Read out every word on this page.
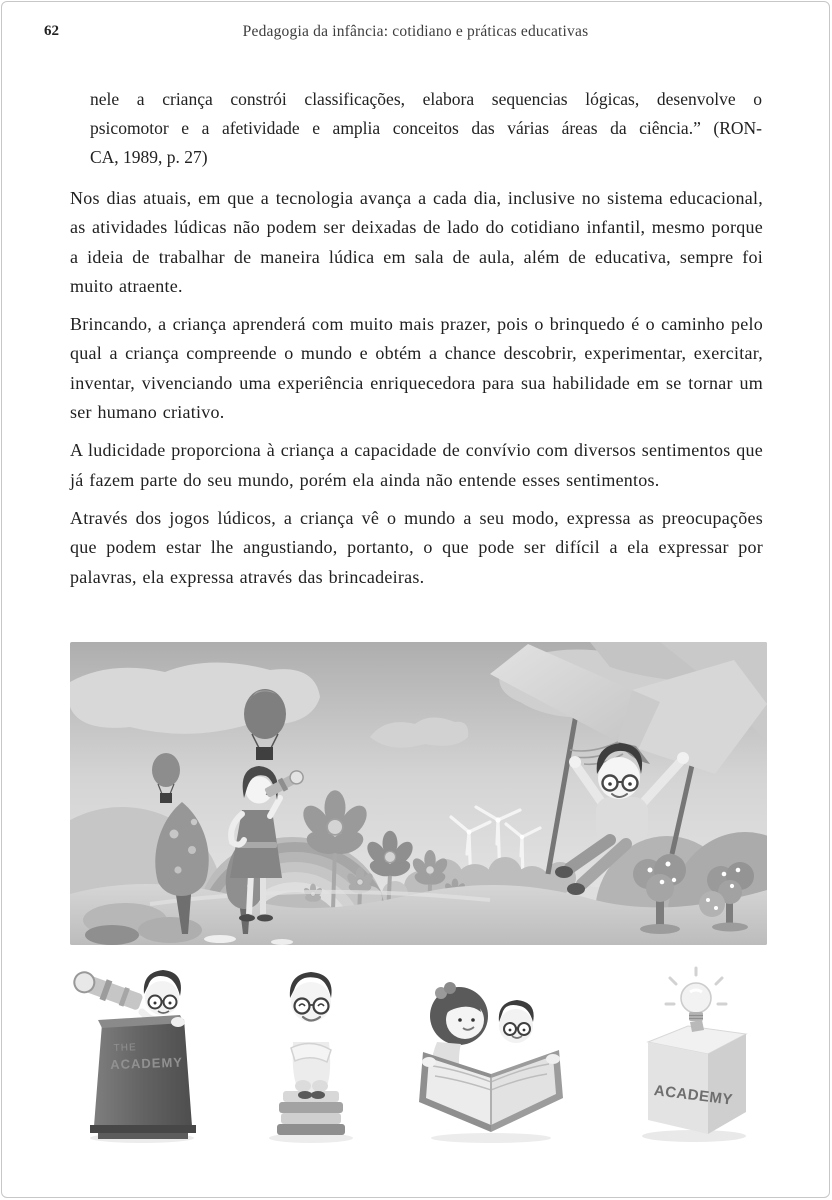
62	Pedagogia da infância: cotidiano e práticas educativas
nele a criança constrói classificações, elabora sequencias lógicas, desenvolve o
psicomotor e a afetividade e amplia conceitos das várias áreas da ciência.” (RON-
CA, 1989, p. 27)

Nos dias atuais, em que a tecnologia avança a cada dia, inclusive no sistema educacional, as atividades lúdicas não podem ser deixadas de lado do cotidiano infantil, mesmo porque a ideia de trabalhar de maneira lúdica em sala de aula, além de educativa, sempre foi muito atraente.

Brincando, a criança aprenderá com muito mais prazer, pois o brinquedo é o caminho pelo qual a criança compreende o mundo e obtém a chance descobrir, experimentar, exercitar, inventar, vivenciando uma experiência enriquecedora para sua habilidade em se tornar um ser humano criativo.

A ludicidade proporciona à criança a capacidade de convívio com diversos sentimentos que já fazem parte do seu mundo, porém ela ainda não entende esses sentimentos.

Através dos jogos lúdicos, a criança vê o mundo a seu modo, expressa as preocupações que podem estar lhe angustiando, portanto, o que pode ser difícil a ela expressar por palavras, ela expressa através das brincadeiras.

THE
ACADEMY
ACADEMY
